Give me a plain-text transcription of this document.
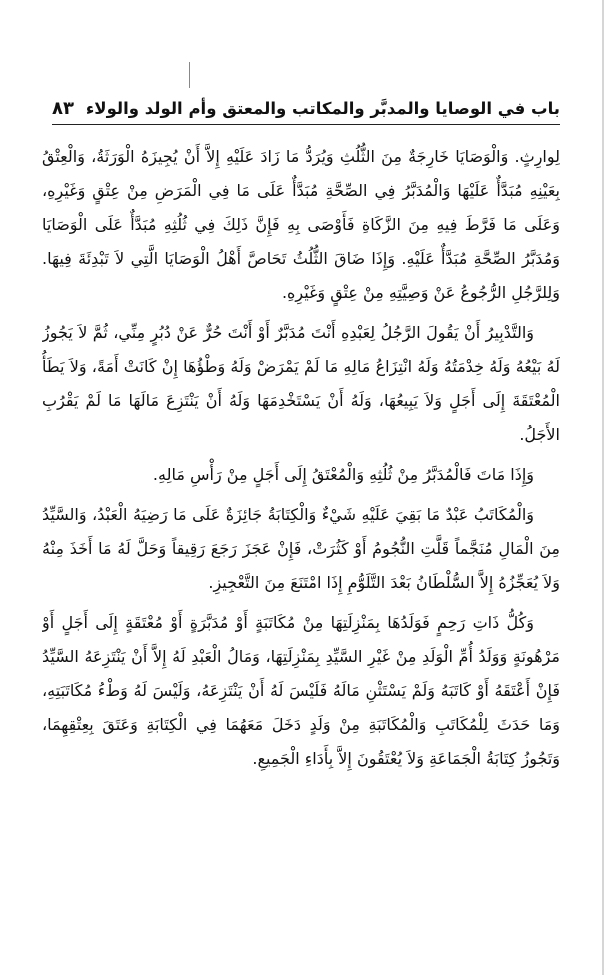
باب في الوصايا والمدبَّر والمكاتب والمعتق وأم الولد والولاء
٨٣

لِوارِثٍ. وَالْوَصَايَا خَارِجَةٌ مِنَ الثُّلُثِ وَيُرَدُّ مَا زَادَ عَلَيْهِ إِلاَّ أَنْ يُجِيزَهُ الْوَرَثَةُ، وَالْعِتْقُ بِعَيْنِهِ مُبَدَّأٌ عَلَيْهَا وَالْمُدَبَّرُ فِي الصِّحَّةِ مُبَدَّأٌ عَلَى مَا فِي الْمَرَضِ مِنْ عِتْقٍ وَغَيْرِهِ، وَعَلَى مَا فَرَّطَ فِيهِ مِنَ الزَّكَاةِ فَأَوْصَى بِهِ فَإِنَّ ذَلِكَ فِي ثُلُثِهِ مُبَدَّأٌ عَلَى الْوَصَايَا وَمُدَبَّرُ الصِّحَّةِ مُبَدَّأٌ عَلَيْهِ. وَإِذَا ضَاقَ الثُّلُثُ تَحَاصَّ أَهْلُ الْوَصَايَا الَّتِي لاَ تَبْدِئَةَ فِيهَا. وَلِلرَّجُلِ الرُّجُوعُ عَنْ وَصِيَّتِهِ مِنْ عِتْقٍ وَغَيْرِهِ.

وَالتَّدْبِيرُ أَنْ يَقُولَ الرَّجُلُ لِعَبْدِهِ أَنْتَ مُدَبَّرٌ أَوْ أَنْتَ حُرٌّ عَنْ دُبُرٍ مِنِّي، ثُمَّ لاَ يَجُوزُ لَهُ بَيْعُهُ وَلَهُ خِدْمَتُهُ وَلَهُ انْتِزَاعُ مَالِهِ مَا لَمْ يَمْرَضْ وَلَهُ وَطْؤُهَا إِنْ كَانَتْ أَمَةً، وَلاَ يَطَأُ الْمُعْتَقَةَ إِلَى أَجَلٍ وَلاَ يَبِيعُهَا، وَلَهُ أَنْ يَسْتَخْدِمَهَا وَلَهُ أَنْ يَنْتَزِعَ مَالَهَا مَا لَمْ يَقْرُبِ الأَجَلُ.

وَإِذَا مَاتَ فَالْمُدَبَّرُ مِنْ ثُلُثِهِ وَالْمُعْتَقُ إِلَى أَجَلٍ مِنْ رَأْسِ مَالِهِ.

وَالْمُكَاتَبُ عَبْدٌ مَا بَقِيَ عَلَيْهِ شَيْءٌ وَالْكِتَابَةُ جَائِزَةٌ عَلَى مَا رَضِيَهُ الْعَبْدُ، وَالسَّيِّدُ مِنَ الْمَالِ مُنَجَّماً قَلَّتِ النُّجُومُ أَوْ كَثُرَتْ، فَإِنْ عَجَزَ رَجَعَ رَقِيقاً وَحَلَّ لَهُ مَا أَخَذَ مِنْهُ وَلاَ يُعَجِّزُهُ إِلاَّ السُّلْطَانُ بَعْدَ التَّلَوُّمِ إِذَا امْتَنَعَ مِنَ التَّعْجِيزِ.

وَكُلُّ ذَاتِ رَحِمٍ فَوَلَدُهَا بِمَنْزِلَتِهَا مِنْ مُكَاتَبَةٍ أَوْ مُدَبَّرَةٍ أَوْ مُعْتَقَةٍ إِلَى أَجَلٍ أَوْ مَرْهُونَةٍ وَوَلَدُ أُمِّ الْوَلَدِ مِنْ غَيْرِ السَّيِّدِ بِمَنْزِلَتِهَا، وَمَالُ الْعَبْدِ لَهُ إِلاَّ أَنْ يَنْتَزِعَهُ السَّيِّدُ فَإِنْ أَعْتَقَهُ أَوْ كَاتَبَهُ وَلَمْ يَسْتَثْنِ مَالَهُ فَلَيْسَ لَهُ أَنْ يَنْتَزِعَهُ، وَلَيْسَ لَهُ وَطْءُ مُكَاتَبَتِهِ، وَمَا حَدَثَ لِلْمُكَاتَبِ وَالْمُكَاتَبَةِ مِنْ وَلَدٍ دَخَلَ مَعَهُمَا فِي الْكِتَابَةِ وَعَتَقَ بِعِتْقِهِمَا، وَتَجُوزُ كِتَابَةُ الْجَمَاعَةِ وَلاَ يُعْتَقُونَ إِلاَّ بِأَدَاءِ الْجَمِيعِ.
